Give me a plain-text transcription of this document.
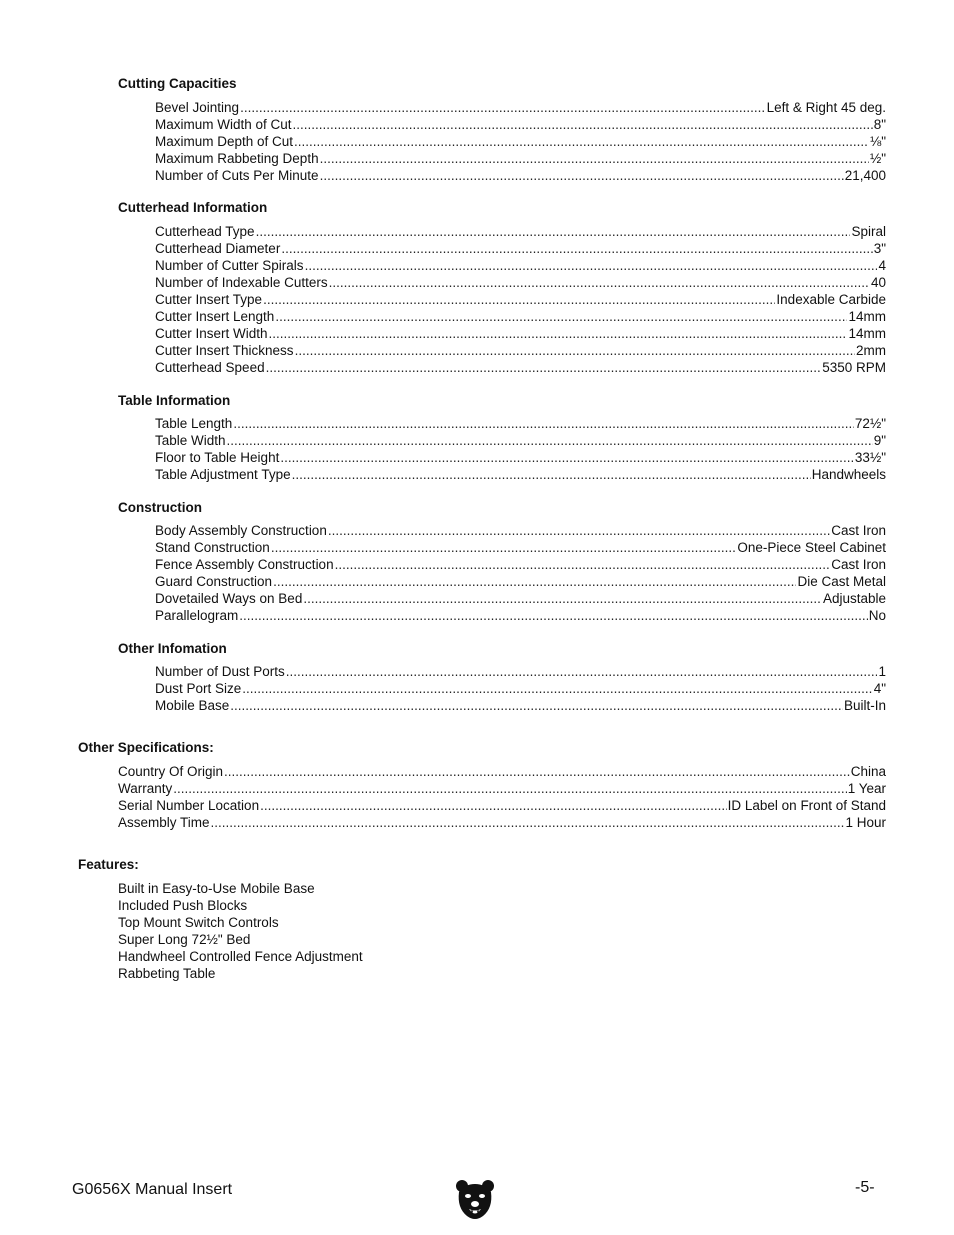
Cutting Capacities
Bevel Jointing .....	Left & Right 45 deg.
Maximum Width of Cut .....	8"
Maximum Depth of Cut .....	⅛"
Maximum Rabbeting Depth .....	½"
Number of Cuts Per Minute .....	21,400
Cutterhead Information
Cutterhead Type .....	Spiral
Cutterhead Diameter .....	3"
Number of Cutter Spirals .....	4
Number of Indexable Cutters .....	40
Cutter Insert Type .....	Indexable Carbide
Cutter Insert Length .....	14mm
Cutter Insert Width .....	14mm
Cutter Insert Thickness .....	2mm
Cutterhead Speed .....	5350 RPM
Table Information
Table Length .....	72½"
Table Width .....	9"
Floor to Table Height .....	33½"
Table Adjustment Type .....	Handwheels
Construction
Body Assembly Construction .....	Cast Iron
Stand Construction .....	One-Piece Steel Cabinet
Fence Assembly Construction .....	Cast Iron
Guard Construction .....	Die Cast Metal
Dovetailed Ways on Bed .....	Adjustable
Parallelogram .....	No
Other Infomation
Number of Dust Ports .....	1
Dust Port Size .....	4"
Mobile Base .....	Built-In
Other Specifications:
Country Of Origin .....	China
Warranty .....	1 Year
Serial Number Location .....	ID Label on Front of Stand
Assembly Time .....	1 Hour
Features:
Built in Easy-to-Use Mobile Base
Included Push Blocks
Top Mount Switch Controls
Super Long 72½" Bed
Handwheel Controlled Fence Adjustment
Rabbeting Table
G0656X Manual Insert	-5-
